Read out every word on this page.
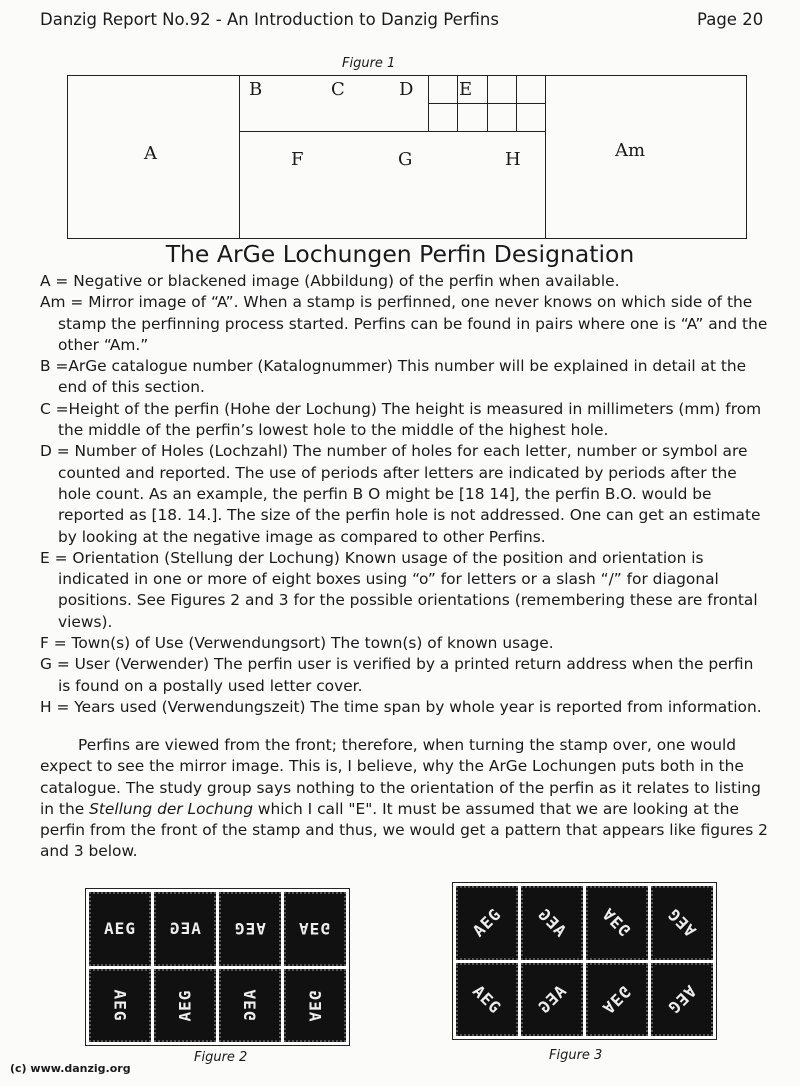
Danzig Report No.92 - An Introduction to Danzig Perfins	Page 20
Figure 1
A
B	C	D	E
F	G	H	Am
The ArGe Lochungen Perfin Designation

A = Negative or blackened image (Abbildung) of the perfin when available.

Am = Mirror image of “A”. When a stamp is perfinned, one never knows on which side of the stamp the perfinning process started. Perfins can be found in pairs where one is “A” and the other “Am.”

B =ArGe catalogue number (Katalognummer) This number will be explained in detail at the end of this section.

C =Height of the perfin (Hohe der Lochung) The height is measured in millimeters (mm) from the middle of the perfin’s lowest hole to the middle of the highest hole.

D = Number of Holes (Lochzahl) The number of holes for each letter, number or symbol are counted and reported. The use of periods after letters are indicated by periods after the hole count. As an example, the perfin B O might be [18 14], the perfin B.O. would be reported as [18. 14.]. The size of the perfin hole is not addressed. One can get an estimate by looking at the negative image as compared to other Perfins.

E = Orientation (Stellung der Lochung) Known usage of the position and orientation is indicated in one or more of eight boxes using “o” for letters or a slash “/” for diagonal positions. See Figures 2 and 3 for the possible orientations (remembering these are frontal views).

F = Town(s) of Use (Verwendungsort) The town(s) of known usage.

G = User (Verwender) The perfin user is verified by a printed return address when the perfin is found on a postally used letter cover.

H = Years used (Verwendungszeit) The time span by whole year is reported from information.

Perfins are viewed from the front; therefore, when turning the stamp over, one would expect to see the mirror image. This is, I believe, why the ArGe Lochungen puts both in the catalogue. The study group says nothing to the orientation of the perfin as it relates to listing in the Stellung der Lochung which I call "E". It must be assumed that we are looking at the perfin from the front of the stamp and thus, we would get a pattern that appears like figures 2 and 3 below.

AEG AEG AEG AEG
AEG	AEG	AEG	AEG
Figure 2
AEG AEG AEG AEG
AEG AEG AEG AEG
Figure 3
(c) www.danzig.org
